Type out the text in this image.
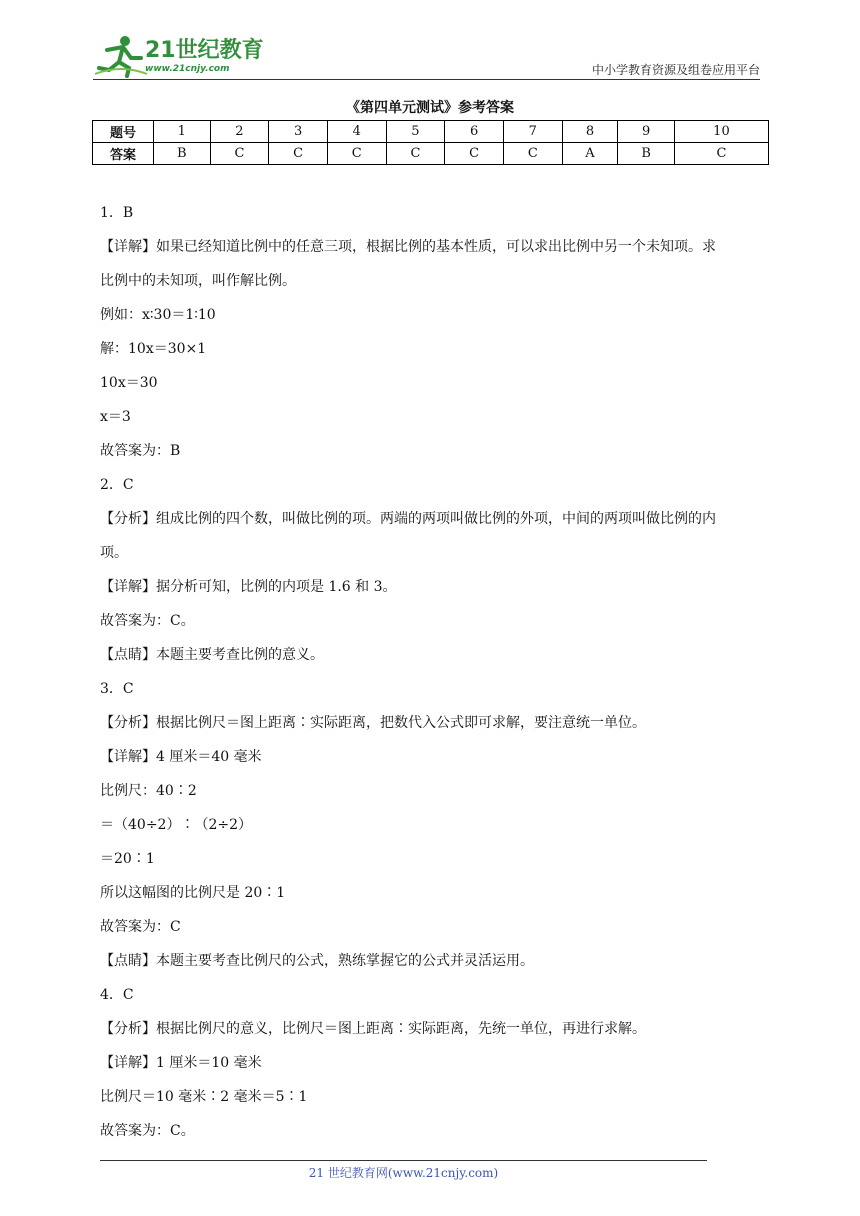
21世纪教育
www.21cnjy.com	中小学教育资源及组卷应用平台
《第四单元测试》参考答案
题号	1	2	3	4	5	6	7	8	9	10
答案	B	C	C	C	C	C	C	A	B	C
1．B
【详解】如果已经知道比例中的任意三项，根据比例的基本性质，可以求出比例中另一个未知项。求
比例中的未知项，叫作解比例。
例如：x∶30＝1∶10
解：10x＝30×1
10x＝30
x＝3
故答案为：B
2．C
【分析】组成比例的四个数，叫做比例的项。两端的两项叫做比例的外项，中间的两项叫做比例的内
项。
【详解】据分析可知，比例的内项是 1.6 和 3。
故答案为：C。
【点睛】本题主要考查比例的意义。
3．C
【分析】根据比例尺＝图上距离∶实际距离，把数代入公式即可求解，要注意统一单位。
【详解】4 厘米＝40 毫米
比例尺：40∶2
＝（40÷2）∶（2÷2）
＝20∶1
所以这幅图的比例尺是 20∶1
故答案为：C
【点睛】本题主要考查比例尺的公式，熟练掌握它的公式并灵活运用。
4．C
【分析】根据比例尺的意义，比例尺＝图上距离∶实际距离，先统一单位，再进行求解。
【详解】1 厘米＝10 毫米
比例尺＝10 毫米∶2 毫米＝5∶1
故答案为：C。
21 世纪教育网(www.21cnjy.com)
